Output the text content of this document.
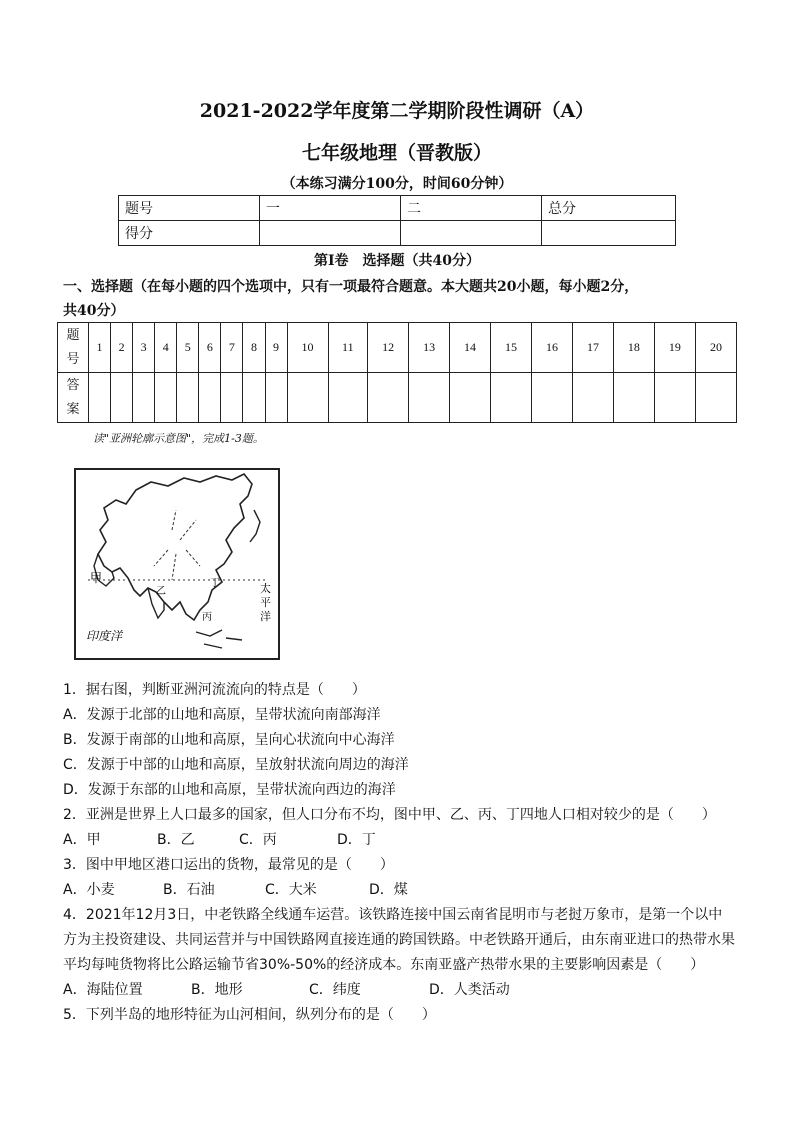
2021-2022学年度第二学期阶段性调研（A）
七年级地理（晋教版）
（本练习满分100分，时间60分钟）
题号	一	二	总分
得分			
第Ⅰ卷　选择题（共40分）
一、选择题（在每小题的四个选项中，只有一项最符合题意。本大题共20小题，每小题2分，
共40分）
题
号	1	2	3	4	5	6	7	8	9	10	11	12	13	14	15	16	17	18	19	20

答
案																				

读"亚洲轮廓示意图"，完成1-3题。
甲
乙
丙
丁	太
平
洋
印度洋
1．据右图，判断亚洲河流流向的特点是（　　）
A．发源于北部的山地和高原，呈带状流向南部海洋
B．发源于南部的山地和高原，呈向心状流向中心海洋
C．发源于中部的山地和高原，呈放射状流向周边的海洋
D．发源于东部的山地和高原，呈带状流向西边的海洋
2．亚洲是世界上人口最多的国家，但人口分布不均，图中甲、乙、丙、丁四地人口相对较少的是（　　）
A．甲	B．乙	C．丙	D．丁
3．图中甲地区港口运出的货物，最常见的是（　　）
A．小麦	B．石油	C．大米	D．煤
4．2021年12月3日，中老铁路全线通车运营。该铁路连接中国云南省昆明市与老挝万象市，是第一个以中
方为主投资建设、共同运营并与中国铁路网直接连通的跨国铁路。中老铁路开通后，由东南亚进口的热带水果
平均每吨货物将比公路运输节省30%-50%的经济成本。东南亚盛产热带水果的主要影响因素是（　　）
A．海陆位置	B．地形	C．纬度	D．人类活动
5．下列半岛的地形特征为山河相间，纵列分布的是（　　）
